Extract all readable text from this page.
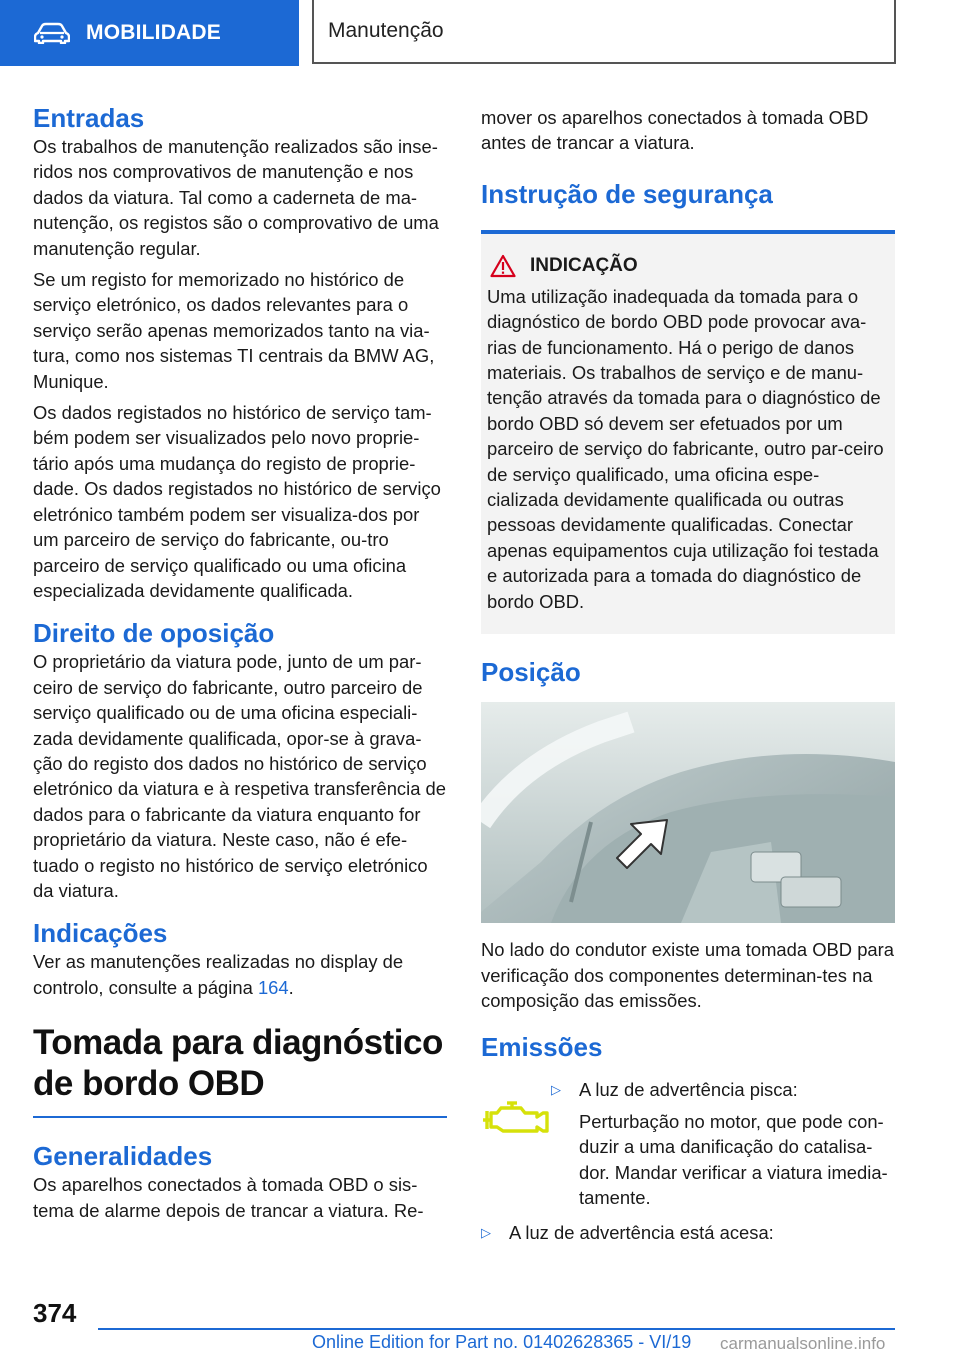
MOBILIDADE	Manutenção
Entradas

Os trabalhos de manutenção realizados são inse-ridos nos comprovativos de manutenção e nos dados da viatura. Tal como a caderneta de ma-nutenção, os registos são o comprovativo de uma manutenção regular.

Se um registo for memorizado no histórico de serviço eletrónico, os dados relevantes para o serviço serão apenas memorizados tanto na via-tura, como nos sistemas TI centrais da BMW AG, Munique.

Os dados registados no histórico de serviço tam-bém podem ser visualizados pelo novo proprie-tário após uma mudança do registo de proprie-dade. Os dados registados no histórico de serviço eletrónico também podem ser visualiza-dos por um parceiro de serviço do fabricante, ou-tro parceiro de serviço qualificado ou uma oficina especializada devidamente qualificada.

Direito de oposição

O proprietário da viatura pode, junto de um par-ceiro de serviço do fabricante, outro parceiro de serviço qualificado ou de uma oficina especiali-zada devidamente qualificada, opor-se à grava-ção do registo dos dados no histórico de serviço eletrónico da viatura e à respetiva transferência de dados para o fabricante da viatura enquanto for proprietário da viatura. Neste caso, não é efe-tuado o registo no histórico de serviço eletrónico da viatura.

Indicações

Ver as manutenções realizadas no display de controlo, consulte a página 164.

Tomada para diagnóstico de bordo OBD
Generalidades

Os aparelhos conectados à tomada OBD o sis-tema de alarme depois de trancar a viatura. Re-

mover os aparelhos conectados à tomada OBD antes de trancar a viatura.

Instrução de segurança
INDICAÇÃO

Uma utilização inadequada da tomada para o diagnóstico de bordo OBD pode provocar ava-rias de funcionamento. Há o perigo de danos materiais. Os trabalhos de serviço e de manu-tenção através da tomada para o diagnóstico de bordo OBD só devem ser efetuados por um parceiro de serviço do fabricante, outro par-ceiro de serviço qualificado, uma oficina espe-cializada devidamente qualificada ou outras pessoas devidamente qualificadas. Conectar apenas equipamentos cuja utilização foi testada e autorizada para a tomada do diagnóstico de bordo OBD.

Posição

No lado do condutor existe uma tomada OBD para verificação dos componentes determinan-tes na composição das emissões.

Emissões
▷ A luz de advertência pisca:
Perturbação no motor, que pode con-duzir a uma danificação do catalisa-dor. Mandar verificar a viatura imedia-tamente.
▷ A luz de advertência está acesa:
374
Online Edition for Part no. 01402628365 - VI/19 carmanualsonline.info
